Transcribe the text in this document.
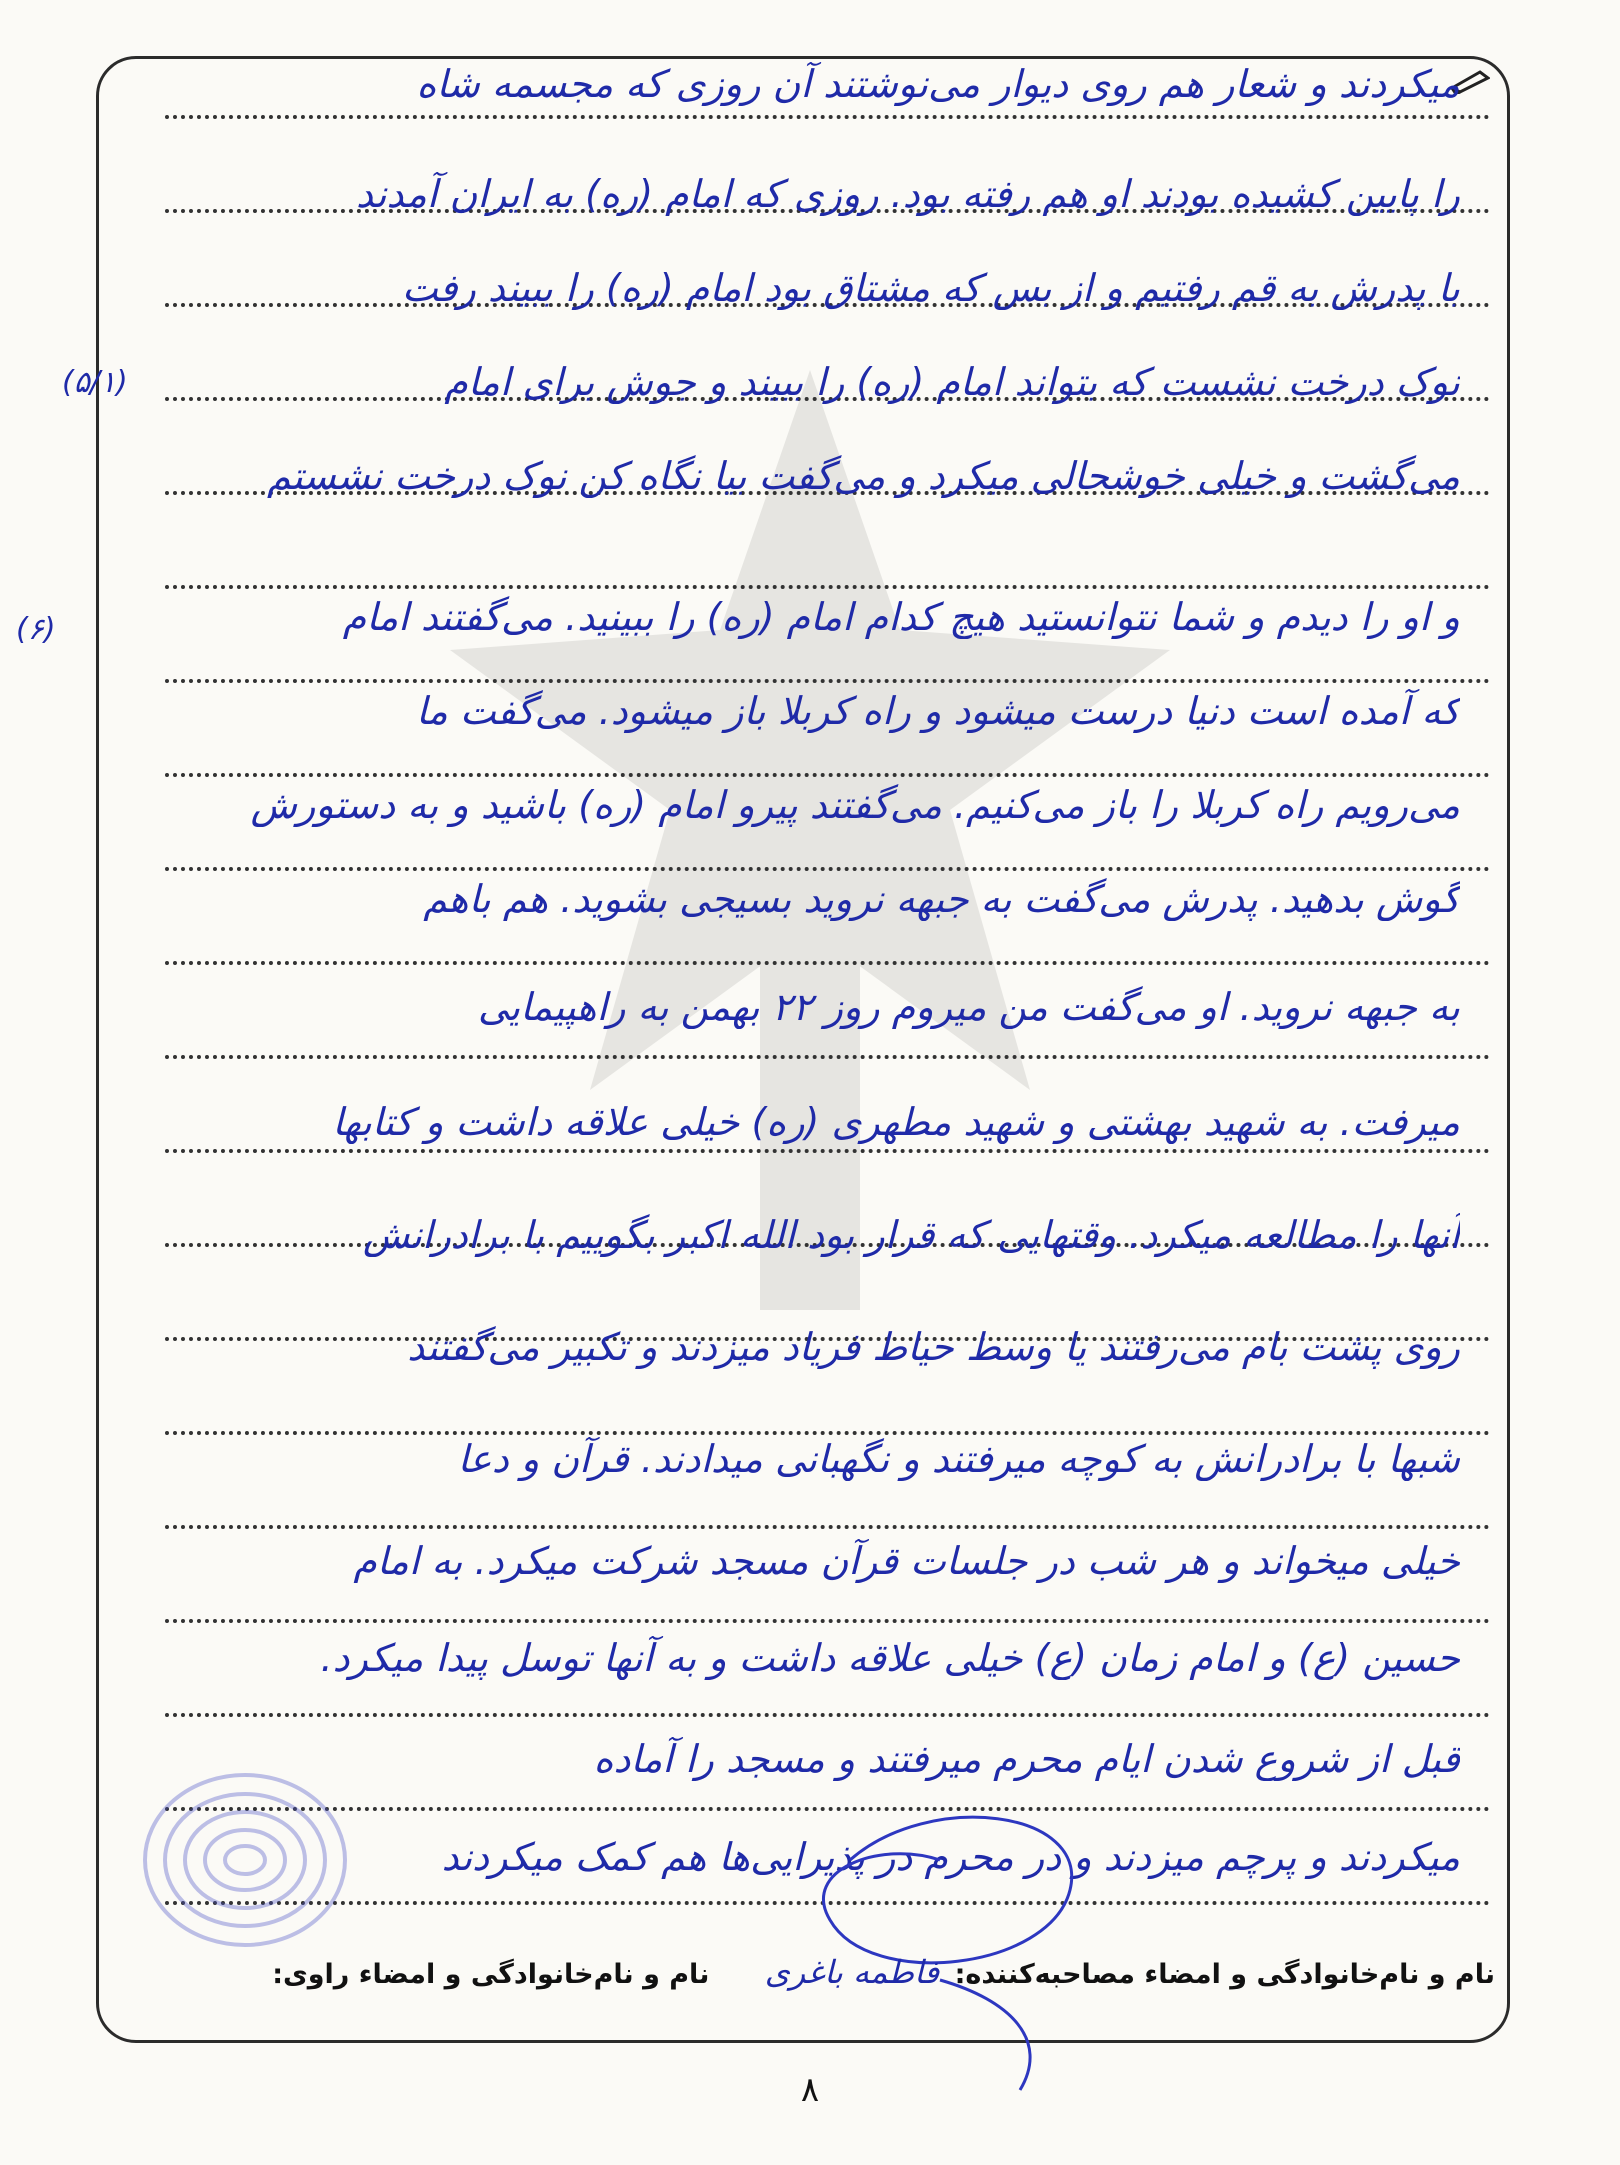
میکردند و شعار هم روی دیوار می‌نوشتند آن روزی که مجسمه شاه
را پایین کشیده بودند او هم رفته بود. روزی که امام (ره) به ایران آمدند
با پدرش به قم رفتیم و از بس که مشتاق بود امام (ره) را ببیند رفت
نوک درخت نشست که بتواند امام (ره) را ببیند و جوش برای امام
می‌گشت و خیلی خوشحالی میکرد و می‌گفت بیا نگاه کن نوک درخت نشستم
و او را دیدم و شما نتوانستید هیچ کدام امام (ره) را ببینید. می‌گفتند امام
که آمده است دنیا درست میشود و راه کربلا باز میشود. می‌گفت ما
می‌رویم راه کربلا را باز می‌کنیم. می‌گفتند پیرو امام (ره) باشید و به دستورش
گوش بدهید. پدرش می‌گفت به جبهه نروید بسیجی بشوید. هم باهم
به جبهه نروید. او می‌گفت من میروم روز ۲۲ بهمن به راهپیمایی
میرفت. به شهید بهشتی و شهید مطهری (ره) خیلی علاقه داشت و کتابها
آنها را مطالعه میکرد. وقتهایی که قرار بود الله اکبر بگوییم با برادرانش
روی پشت بام می‌رفتند یا وسط حیاط فریاد میزدند و تکبیر می‌گفتند
شبها با برادرانش به کوچه میرفتند و نگهبانی میدادند. قرآن و دعا
خیلی میخواند و هر شب در جلسات قرآن مسجد شرکت میکرد. به امام
حسین (ع) و امام زمان (ع) خیلی علاقه داشت و به آنها توسل پیدا میکرد.
قبل از شروع شدن ایام محرم میرفتند و مسجد را آماده
میکردند و پرچم میزدند و در محرم در پذیرایی‌ها هم کمک میکردند
(۵/۱)
(۶)
نام و نام‌خانوادگی و امضاء مصاحبه‌کننده: فاطمه باغری نام و نام‌خانوادگی و امضاء راوی:
۸
